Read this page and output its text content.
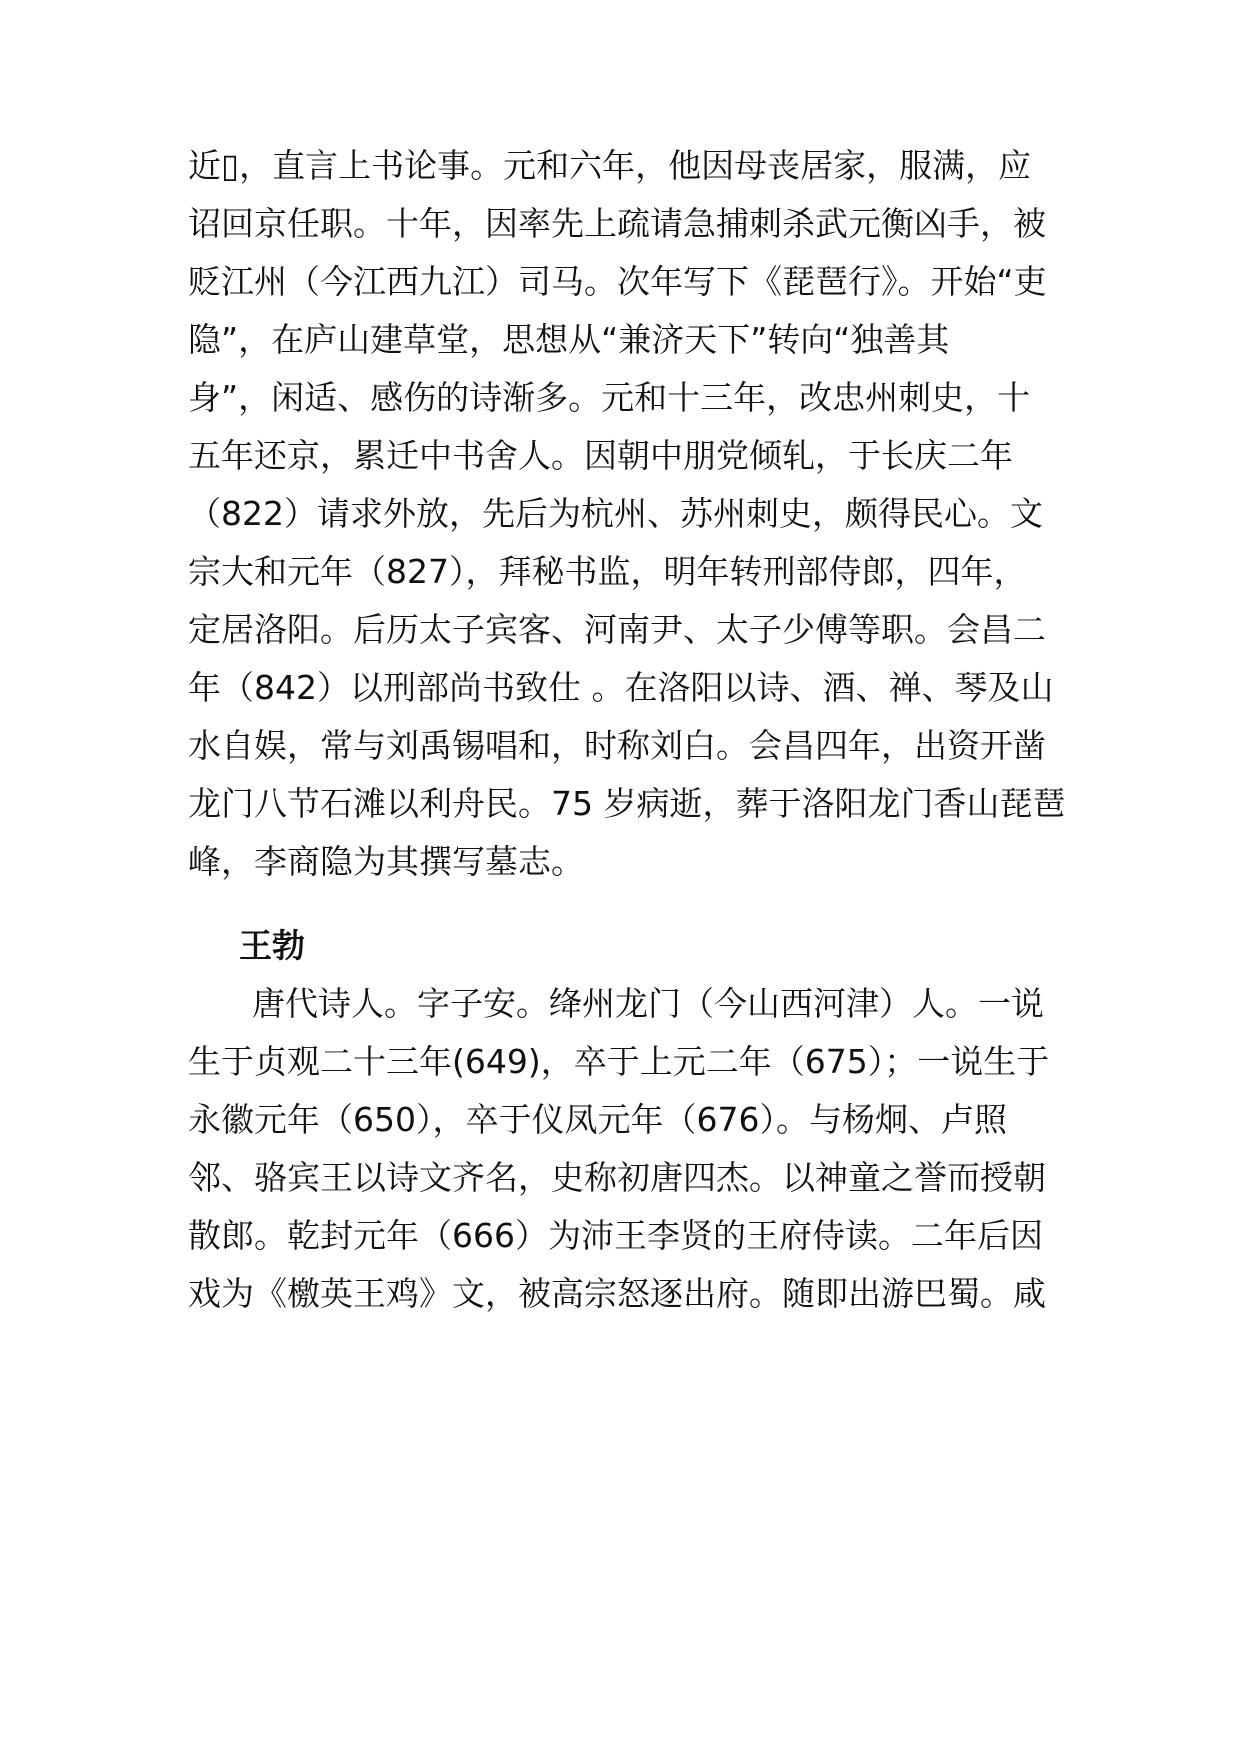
近▯，直言上书论事。元和六年，他因母丧居家，服满，应
诏回京任职。十年，因率先上疏请急捕刺杀武元衡凶手，被
贬江州（今江西九江）司马。次年写下《琵琶行》。开始“吏
隐”，在庐山建草堂，思想从“兼济天下”转向“独善其
身”，闲适、感伤的诗渐多。元和十三年，改忠州刺史，十
五年还京，累迁中书舍人。因朝中朋党倾轧，于长庆二年
（822）请求外放，先后为杭州、苏州刺史，颇得民心。文
宗大和元年（827），拜秘书监，明年转刑部侍郎，四年，
定居洛阳。后历太子宾客、河南尹、太子少傅等职。会昌二
年（842）以刑部尚书致仕 。在洛阳以诗、酒、禅、琴及山
水自娱，常与刘禹锡唱和，时称刘白。会昌四年，出资开凿
龙门八节石滩以利舟民。75 岁病逝，葬于洛阳龙门香山琵琶
峰，李商隐为其撰写墓志。
王勃
唐代诗人。字子安。绛州龙门（今山西河津）人。一说
生于贞观二十三年(649)，卒于上元二年（675）；一说生于
永徽元年（650），卒于仪凤元年（676）。与杨炯、卢照
邻、骆宾王以诗文齐名，史称初唐四杰。以神童之誉而授朝
散郎。乾封元年（666）为沛王李贤的王府侍读。二年后因
戏为《檄英王鸡》文，被高宗怒逐出府。随即出游巴蜀。咸
